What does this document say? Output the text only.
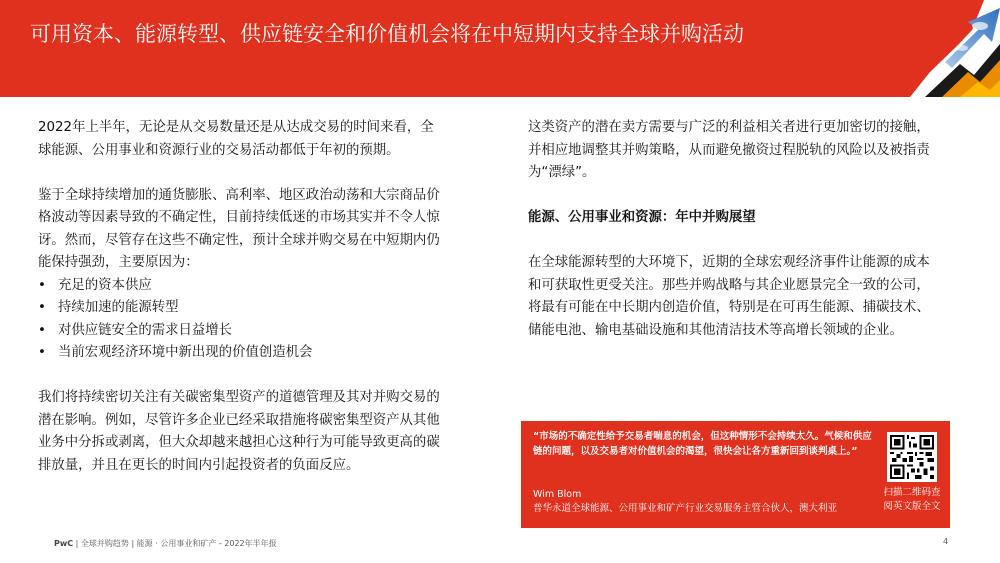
可用资本、能源转型、供应链安全和价值机会将在中短期内支持全球并购活动

2022年上半年，无论是从交易数量还是从达成交易的时间来看，全球能源、公用事业和资源行业的交易活动都低于年初的预期。

鉴于全球持续增加的通货膨胀、高利率、地区政治动荡和大宗商品价格波动等因素导致的不确定性，目前持续低迷的市场其实并不令人惊讶。然而，尽管存在这些不确定性，预计全球并购交易在中短期内仍能保持强劲，主要原因为：

• 充足的资本供应
• 持续加速的能源转型
• 对供应链安全的需求日益增长
• 当前宏观经济环境中新出现的价值创造机会

我们将持续密切关注有关碳密集型资产的道德管理及其对并购交易的潜在影响。例如，尽管许多企业已经采取措施将碳密集型资产从其他业务中分拆或剥离，但大众却越来越担心这种行为可能导致更高的碳排放量，并且在更长的时间内引起投资者的负面反应。

这类资产的潜在卖方需要与广泛的利益相关者进行更加密切的接触，并相应地调整其并购策略，从而避免撤资过程脱轨的风险以及被指责为“漂绿”。

能源、公用事业和资源：年中并购展望

在全球能源转型的大环境下，近期的全球宏观经济事件让能源的成本和可获取性更受关注。那些并购战略与其企业愿景完全一致的公司，将最有可能在中长期内创造价值，特别是在可再生能源、捕碳技术、储能电池、输电基础设施和其他清洁技术等高增长领域的企业。

“市场的不确定性给予交易者喘息的机会，但这种情形不会持续太久。气候和供应链的问题，以及交易者对价值机会的渴望，很快会让各方重新回到谈判桌上。”
Wim Blom
普华永道全球能源、公用事业和矿产行业交易服务主管合伙人，澳大利亚
扫描二维码查阅英文版全文
PwC | 全球并购趋势 | 能源 · 公用事业和矿产 - 2022年半年报	4
